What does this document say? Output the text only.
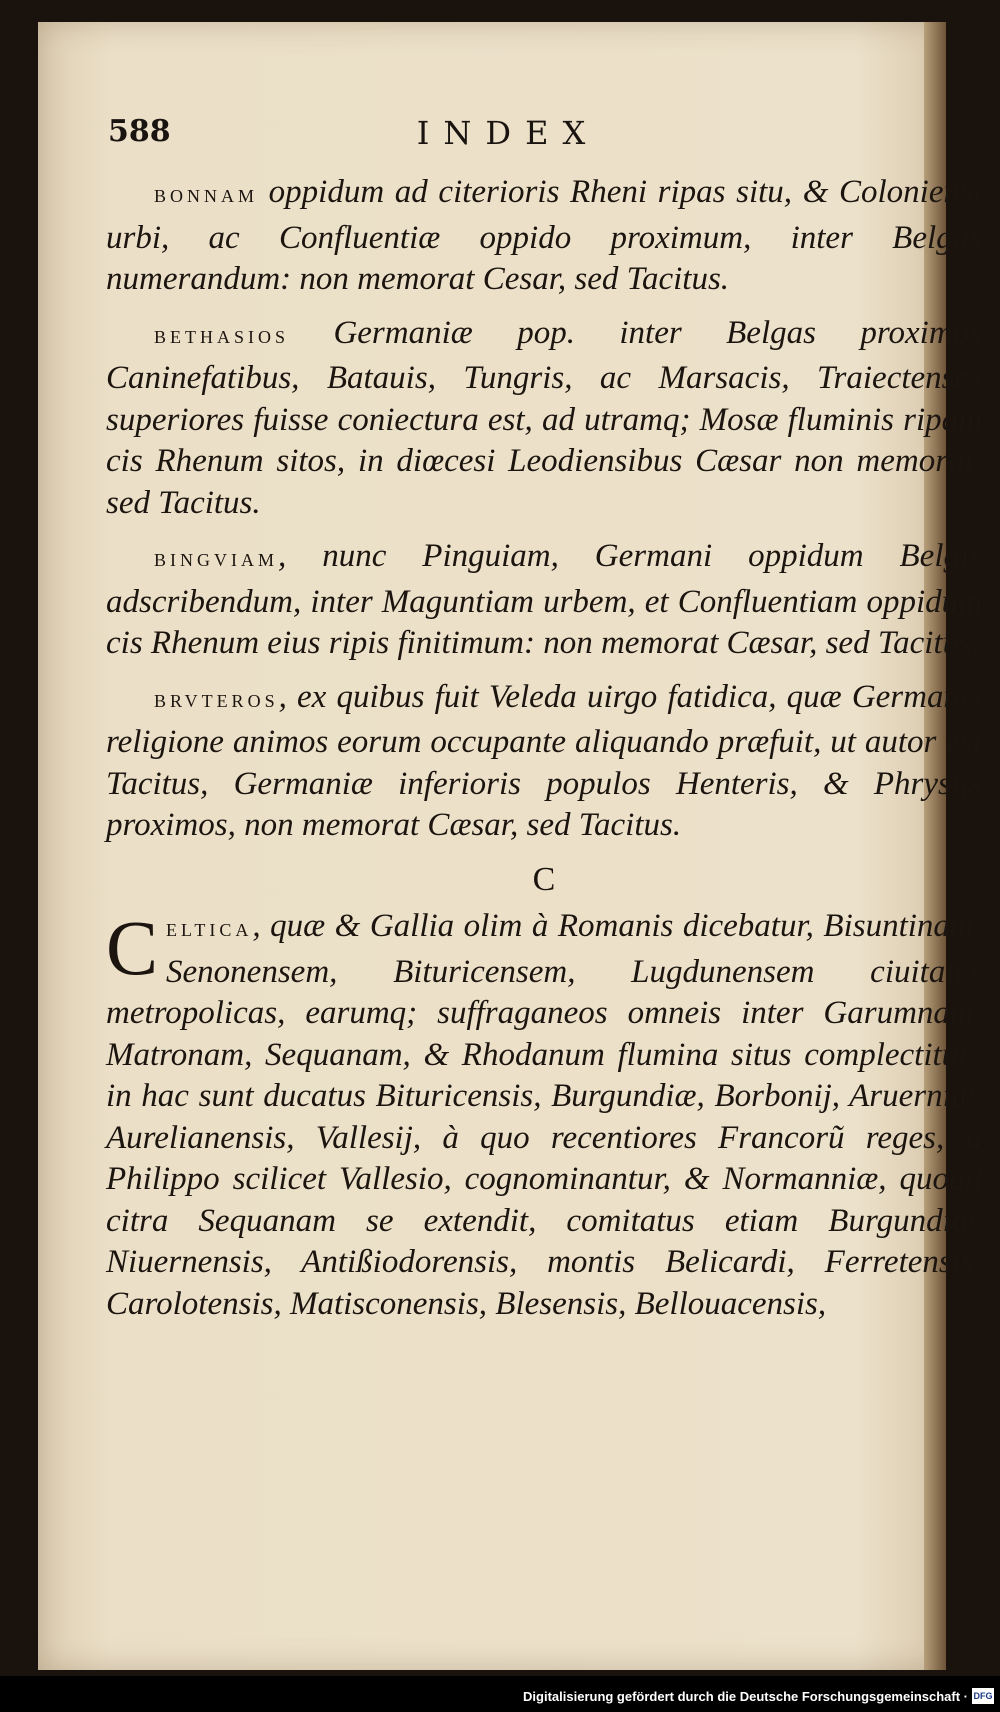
588	INDEX

BONNAM oppidum ad citerioris Rheni ripas situ, & Coloniensi urbi, ac Confluentiæ oppido proximum, inter Belgas numerandum: non memorat Cesar, sed Tacitus.

BETHASIOS Germaniæ pop. inter Belgas proximos Caninefatibus, Batauis, Tungris, ac Marsacis, Traiectenses superiores fuisse coniectura est, ad utramq; Mosæ fluminis ripam cis Rhenum sitos, in diœcesi Leodiensibus Cæsar non memorat, sed Tacitus.

BINGVIAM, nunc Pinguiam, Germani oppidum Belgis adscribendum, inter Maguntiam urbem, et Confluentiam oppidum cis Rhenum eius ripis finitimum: non memorat Cæsar, sed Tacitus.

BRVTEROS, ex quibus fuit Veleda uirgo fatidica, quæ Germanis religione animos eorum occupante aliquando præfuit, ut autor est Tacitus, Germaniæ inferioris populos Henteris, & Phrysijs proximos, non memorat Cæsar, sed Tacitus.

C

C ELTICA, quæ & Gallia olim à Romanis dicebatur, Bisuntinam, Senonensem, Bituricensem, Lugdunensem ciuitates metropolicas, earumq; suffraganeos omneis inter Garumnam, Matronam, Sequanam, & Rhodanum flumina situs complectitur: in hac sunt ducatus Bituricensis, Burgundiæ, Borbonij, Aruerniæ, Aurelianensis, Vallesij, à quo recentiores Francorũ reges, à Philippo scilicet Vallesio, cognominantur, & Normanniæ, quoad citra Sequanam se extendit, comitatus etiam Burgundiæ, Niuernensis, Antißiodorensis, montis Belicardi, Ferretensis, Carolotensis, Matisconensis, Blesensis, Bellouacensis,

Digitalisierung gefördert durch die Deutsche Forschungsgemeinschaft · DFG
